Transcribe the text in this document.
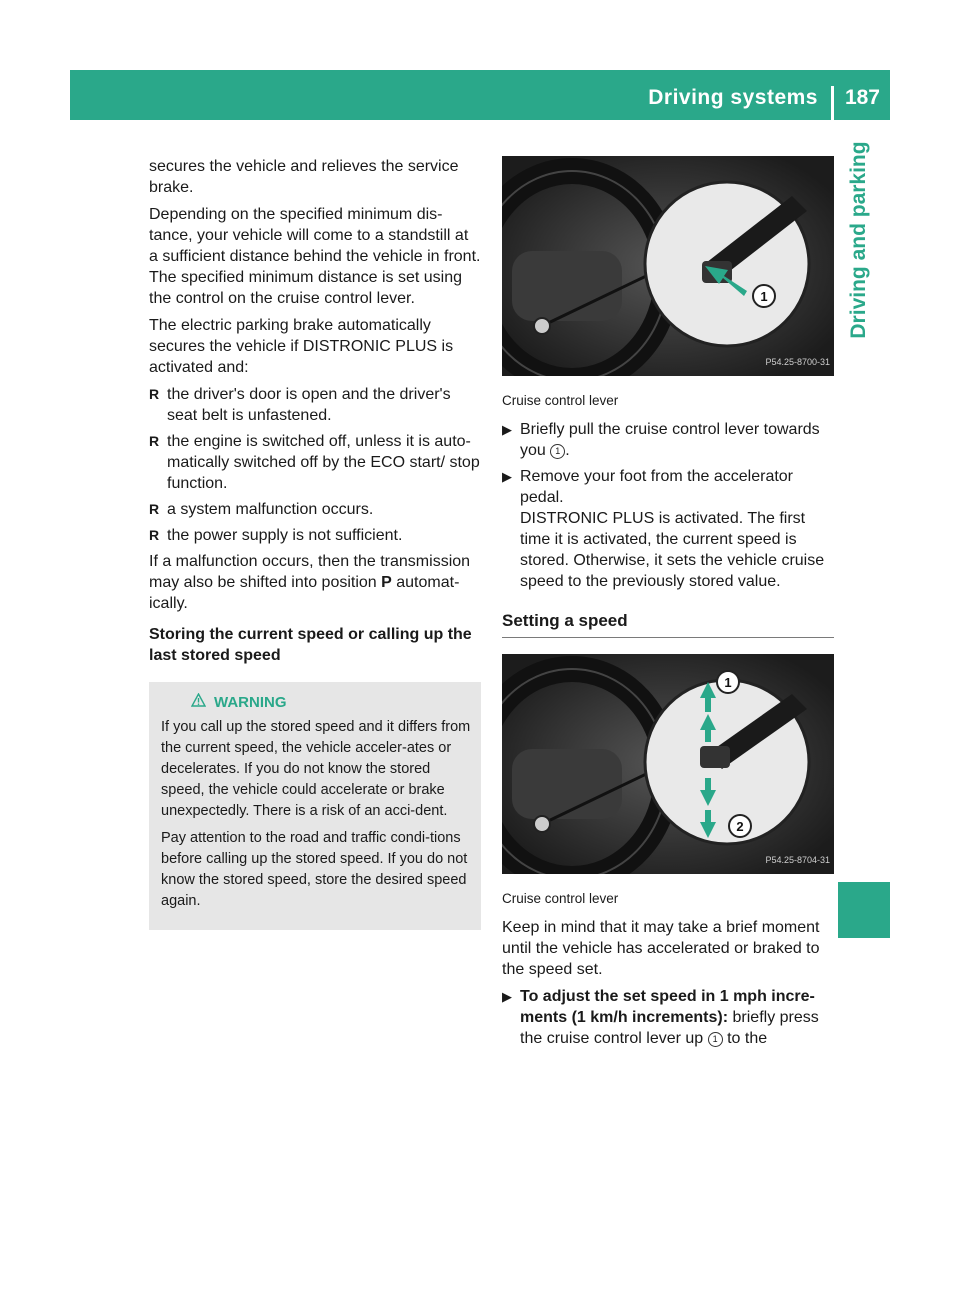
Driving systems 187
Driving and parking

secures the vehicle and relieves the service brake.

Depending on the specified minimum dis-tance, your vehicle will come to a standstill at a sufficient distance behind the vehicle in front. The specified minimum distance is set using the control on the cruise control lever.

The electric parking brake automatically secures the vehicle if DISTRONIC PLUS is activated and:

R the driver's door is open and the driver's seat belt is unfastened.
R the engine is switched off, unless it is auto-matically switched off by the ECO start/ stop function.
R a system malfunction occurs.
R the power supply is not sufficient.

If a malfunction occurs, then the transmission may also be shifted into position P automat-ically.

Storing the current speed or calling up the last stored speed
WARNING

If you call up the stored speed and it differs from the current speed, the vehicle acceler-ates or decelerates. If you do not know the stored speed, the vehicle could accelerate or brake unexpectedly. There is a risk of an acci-dent.

Pay attention to the road and traffic condi-tions before calling up the stored speed. If you do not know the stored speed, store the desired speed again.

1
P54.25-8700-31
Cruise control lever
▶ Briefly pull the cruise control lever towards you 1 .
▶ Remove your foot from the accelerator pedal.
DISTRONIC PLUS is activated. The first time it is activated, the current speed is stored. Otherwise, it sets the vehicle cruise speed to the previously stored value.
Setting a speed
1
2
P54.25-8704-31
Cruise control lever

Keep in mind that it may take a brief moment until the vehicle has accelerated or braked to the speed set.

▶ To adjust the set speed in 1 mph incre-ments (1 km/h increments): briefly press the cruise control lever up 1 to the
